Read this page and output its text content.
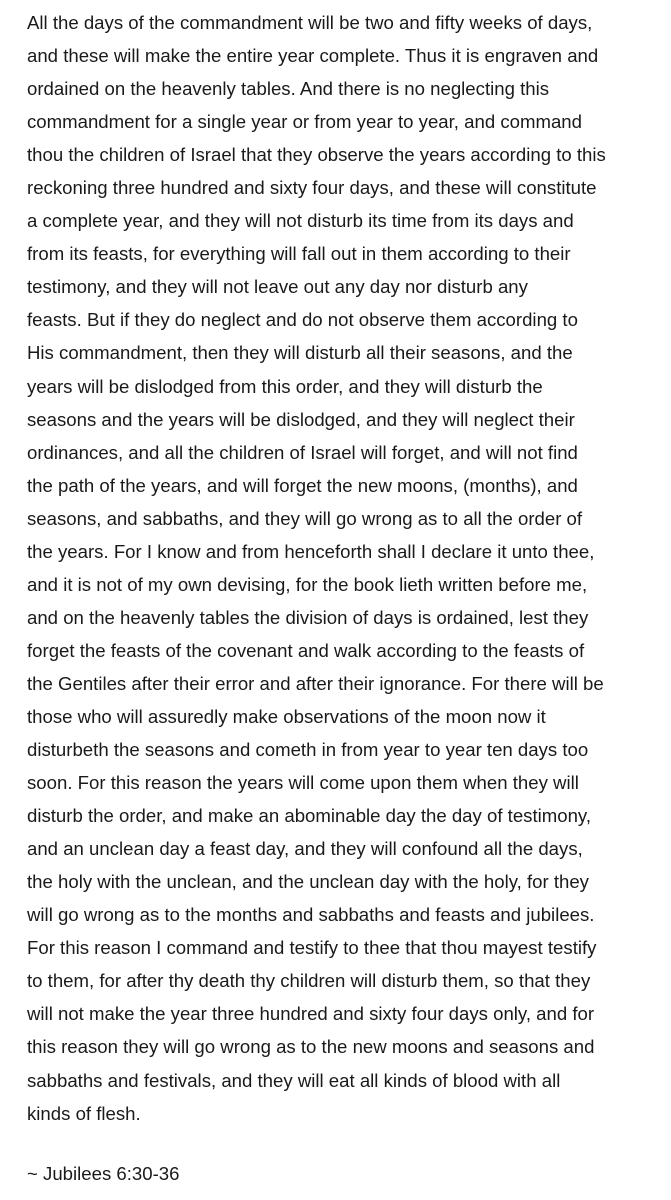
All the days of the commandment will be two and fifty weeks of days,
and these will make the entire year complete. Thus it is engraven and
ordained on the heavenly tables. And there is no neglecting this
commandment for a single year or from year to year, and command
thou the children of Israel that they observe the years according to this
reckoning three hundred and sixty four days, and these will constitute
a complete year, and they will not disturb its time from its days and
from its feasts, for everything will fall out in them according to their
testimony, and they will not leave out any day nor disturb any
feasts. But if they do neglect and do not observe them according to
His commandment, then they will disturb all their seasons, and the
years will be dislodged from this order, and they will disturb the
seasons and the years will be dislodged, and they will neglect their
ordinances, and all the children of Israel will forget, and will not find
the path of the years, and will forget the new moons, (months), and
seasons, and sabbaths, and they will go wrong as to all the order of
the years. For I know and from henceforth shall I declare it unto thee,
and it is not of my own devising, for the book lieth written before me,
and on the heavenly tables the division of days is ordained, lest they
forget the feasts of the covenant and walk according to the feasts of
the Gentiles after their error and after their ignorance. For there will be
those who will assuredly make observations of the moon now it
disturbeth the seasons and cometh in from year to year ten days too
soon. For this reason the years will come upon them when they will
disturb the order, and make an abominable day the day of testimony,
and an unclean day a feast day, and they will confound all the days,
the holy with the unclean, and the unclean day with the holy, for they
will go wrong as to the months and sabbaths and feasts and jubilees.
For this reason I command and testify to thee that thou mayest testify
to them, for after thy death thy children will disturb them, so that they
will not make the year three hundred and sixty four days only, and for
this reason they will go wrong as to the new moons and seasons and
sabbaths and festivals, and they will eat all kinds of blood with all
kinds of flesh.

~ Jubilees 6:30-36
